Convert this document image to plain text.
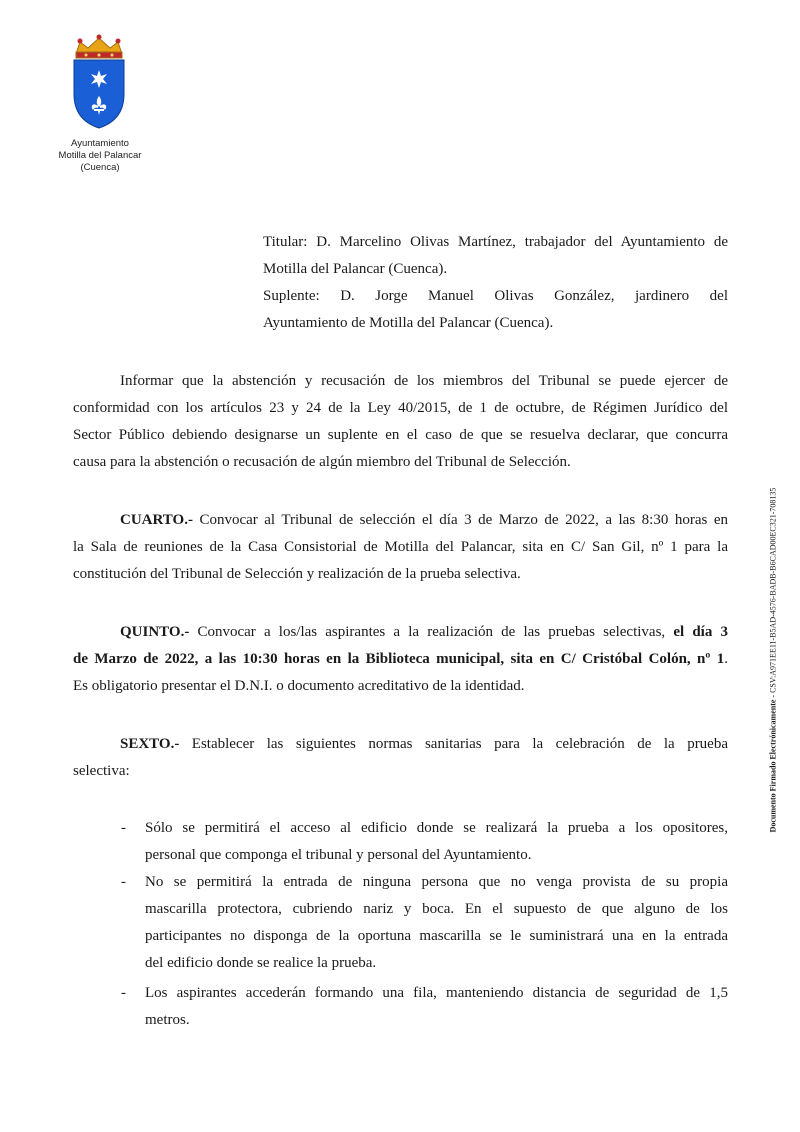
Ayuntamiento
Motilla del Palancar
(Cuenca)
Titular: D. Marcelino Olivas Martínez, trabajador del Ayuntamiento de
Motilla del Palancar (Cuenca).
Suplente: D. Jorge Manuel Olivas González, jardinero del
Ayuntamiento de Motilla del Palancar (Cuenca).
Informar que la abstención y recusación de los miembros del Tribunal se puede ejercer de
conformidad con los artículos 23 y 24 de la Ley 40/2015, de 1 de octubre, de Régimen Jurídico del
Sector Público debiendo designarse un suplente en el caso de que se resuelva declarar, que concurra
causa para la abstención o recusación de algún miembro del Tribunal de Selección.
CUARTO.- Convocar al Tribunal de selección el día 3 de Marzo de 2022, a las 8:30 horas en
la Sala de reuniones de la Casa Consistorial de Motilla del Palancar, sita en C/ San Gil, nº 1 para la
constitución del Tribunal de Selección y realización de la prueba selectiva.
QUINTO.- Convocar a los/las aspirantes a la realización de las pruebas selectivas, el día 3
de Marzo de 2022, a las 10:30 horas en la Biblioteca municipal, sita en C/ Cristóbal Colón, nº 1.
Es obligatorio presentar el D.N.I. o documento acreditativo de la identidad.
SEXTO.- Establecer las siguientes normas sanitarias para la celebración de la prueba
selectiva:
- Sólo se permitirá el acceso al edificio donde se realizará la prueba a los opositores,
personal que componga el tribunal y personal del Ayuntamiento.
- No se permitirá la entrada de ninguna persona que no venga provista de su propia
mascarilla protectora, cubriendo nariz y boca. En el supuesto de que alguno de los
participantes no disponga de la oportuna mascarilla se le suministrará una en la entrada
del edificio donde se realice la prueba.
- Los aspirantes accederán formando una fila, manteniendo distancia de seguridad de 1,5
metros.
Documento Firmado Electrónicamente - CSV:A971EE11-B5AD-4576-BADB-B6CAD00EC321-708135
